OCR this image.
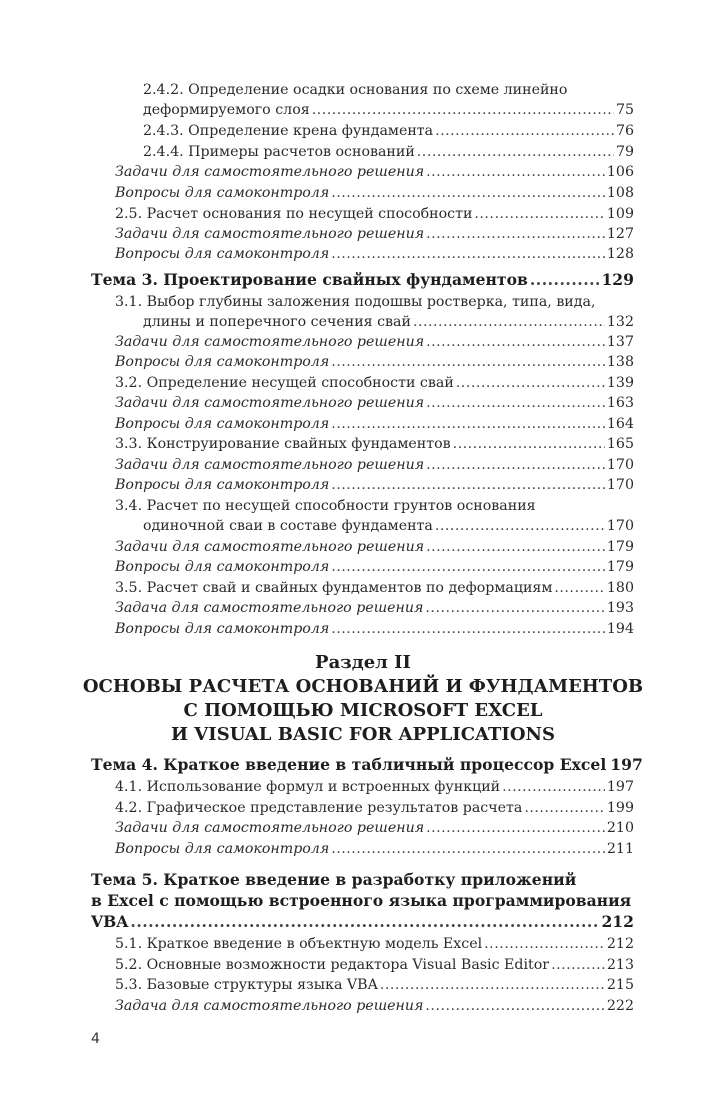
2.4.2. Определение осадки основания по схеме линейно
деформируемого слоя .....	75
2.4.3. Определение крена фундамента .....	76
2.4.4. Примеры расчетов оснований .....	79
Задачи для самостоятельного решения .....	106
Вопросы для самоконтроля .....	108
2.5. Расчет основания по несущей способности .....	109
Задачи для самостоятельного решения .....	127
Вопросы для самоконтроля .....	128
Тема 3. Проектирование свайных фундаментов .....	129
3.1. Выбор глубины заложения подошвы ростверка, типа, вида,
длины и поперечного сечения свай .....	132
Задачи для самостоятельного решения .....	137
Вопросы для самоконтроля .....	138
3.2. Определение несущей способности свай .....	139
Задачи для самостоятельного решения .....	163
Вопросы для самоконтроля .....	164
3.3. Конструирование свайных фундаментов .....	165
Задачи для самостоятельного решения .....	170
Вопросы для самоконтроля .....	170
3.4. Расчет по несущей способности грунтов основания
одиночной сваи в составе фундамента .....	170
Задачи для самостоятельного решения .....	179
Вопросы для самоконтроля .....	179
3.5. Расчет свай и свайных фундаментов по деформациям .....	180
Задача для самостоятельного решения .....	193
Вопросы для самоконтроля .....	194
Раздел II
ОСНОВЫ РАСЧЕТА ОСНОВАНИЙ И ФУНДАМЕНТОВ
С ПОМОЩЬЮ MICROSOFT EXCEL
И VISUAL BASIC FOR APPLICATIONS
Тема 4. Краткое введение в табличный процессор Excel 197
4.1. Использование формул и встроенных функций .....	197
4.2. Графическое представление результатов расчета .....	199
Задачи для самостоятельного решения .....	210
Вопросы для самоконтроля .....	211
Тема 5. Краткое введение в разработку приложений
в Excel с помощью встроенного языка программирования
VBA .....	212
5.1. Краткое введение в объектную модель Excel .....	212
5.2. Основные возможности редактора Visual Basic Editor .....	213
5.3. Базовые структуры языка VBA .....	215
Задача для самостоятельного решения .....	222
4
